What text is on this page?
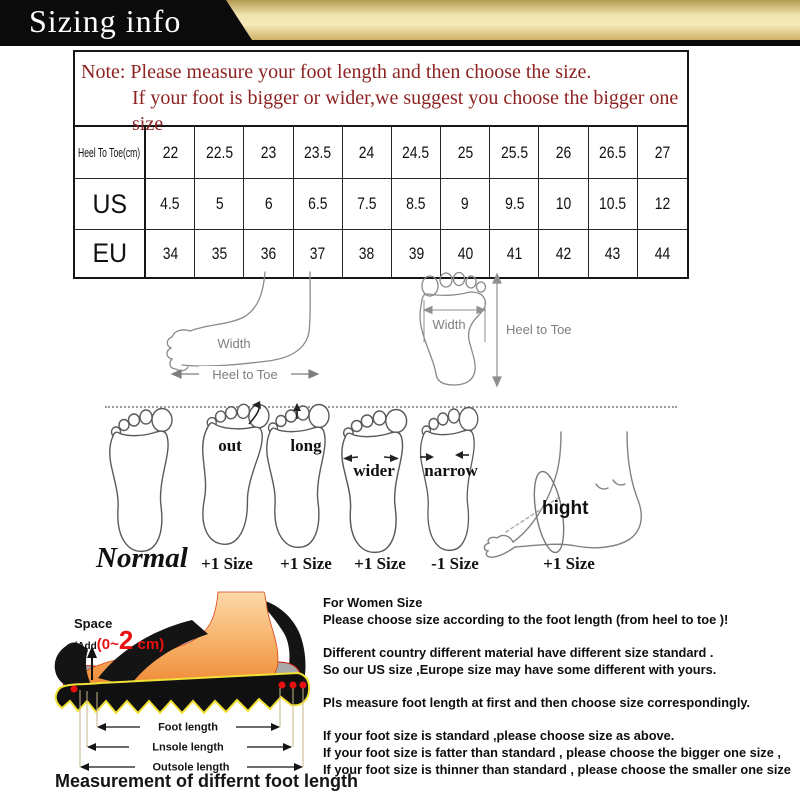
Sizing info
Note: Please measure your foot length and then choose the size.
If your foot is bigger or wider,we suggest you choose the bigger one size
Heel To Toe(cm) 22 22.5 23 23.5 24 24.5 25 25.5 26 26.5 27
US 4.5 5 6 6.5 7.5 8.5 9 9.5 10 10.5 12
EU 34 35 36 37 38 39 40 41 42 43 44
Width
Heel to Toe
Width	Heel to Toe
Normal
out	long
wider	narrow
hight
+1 Size +1 Size +1 Size	-1 Size	+1 Size
Foot length
Lnsole length
Outsole length
Space
(Add (0~ 2
cm)
Measurement of differnt foot length
For Women Size
Please choose size according to the foot length (from heel to toe )!
Different country different material have different size standard .
So our US size ,Europe size may have some different with yours.
Pls measure foot length at first and then choose size correspondingly.
If your foot size is standard ,please choose size as above.
If your foot size is fatter than standard , please choose the bigger one size ,
If your foot size is thinner than standard , please choose the smaller one size
